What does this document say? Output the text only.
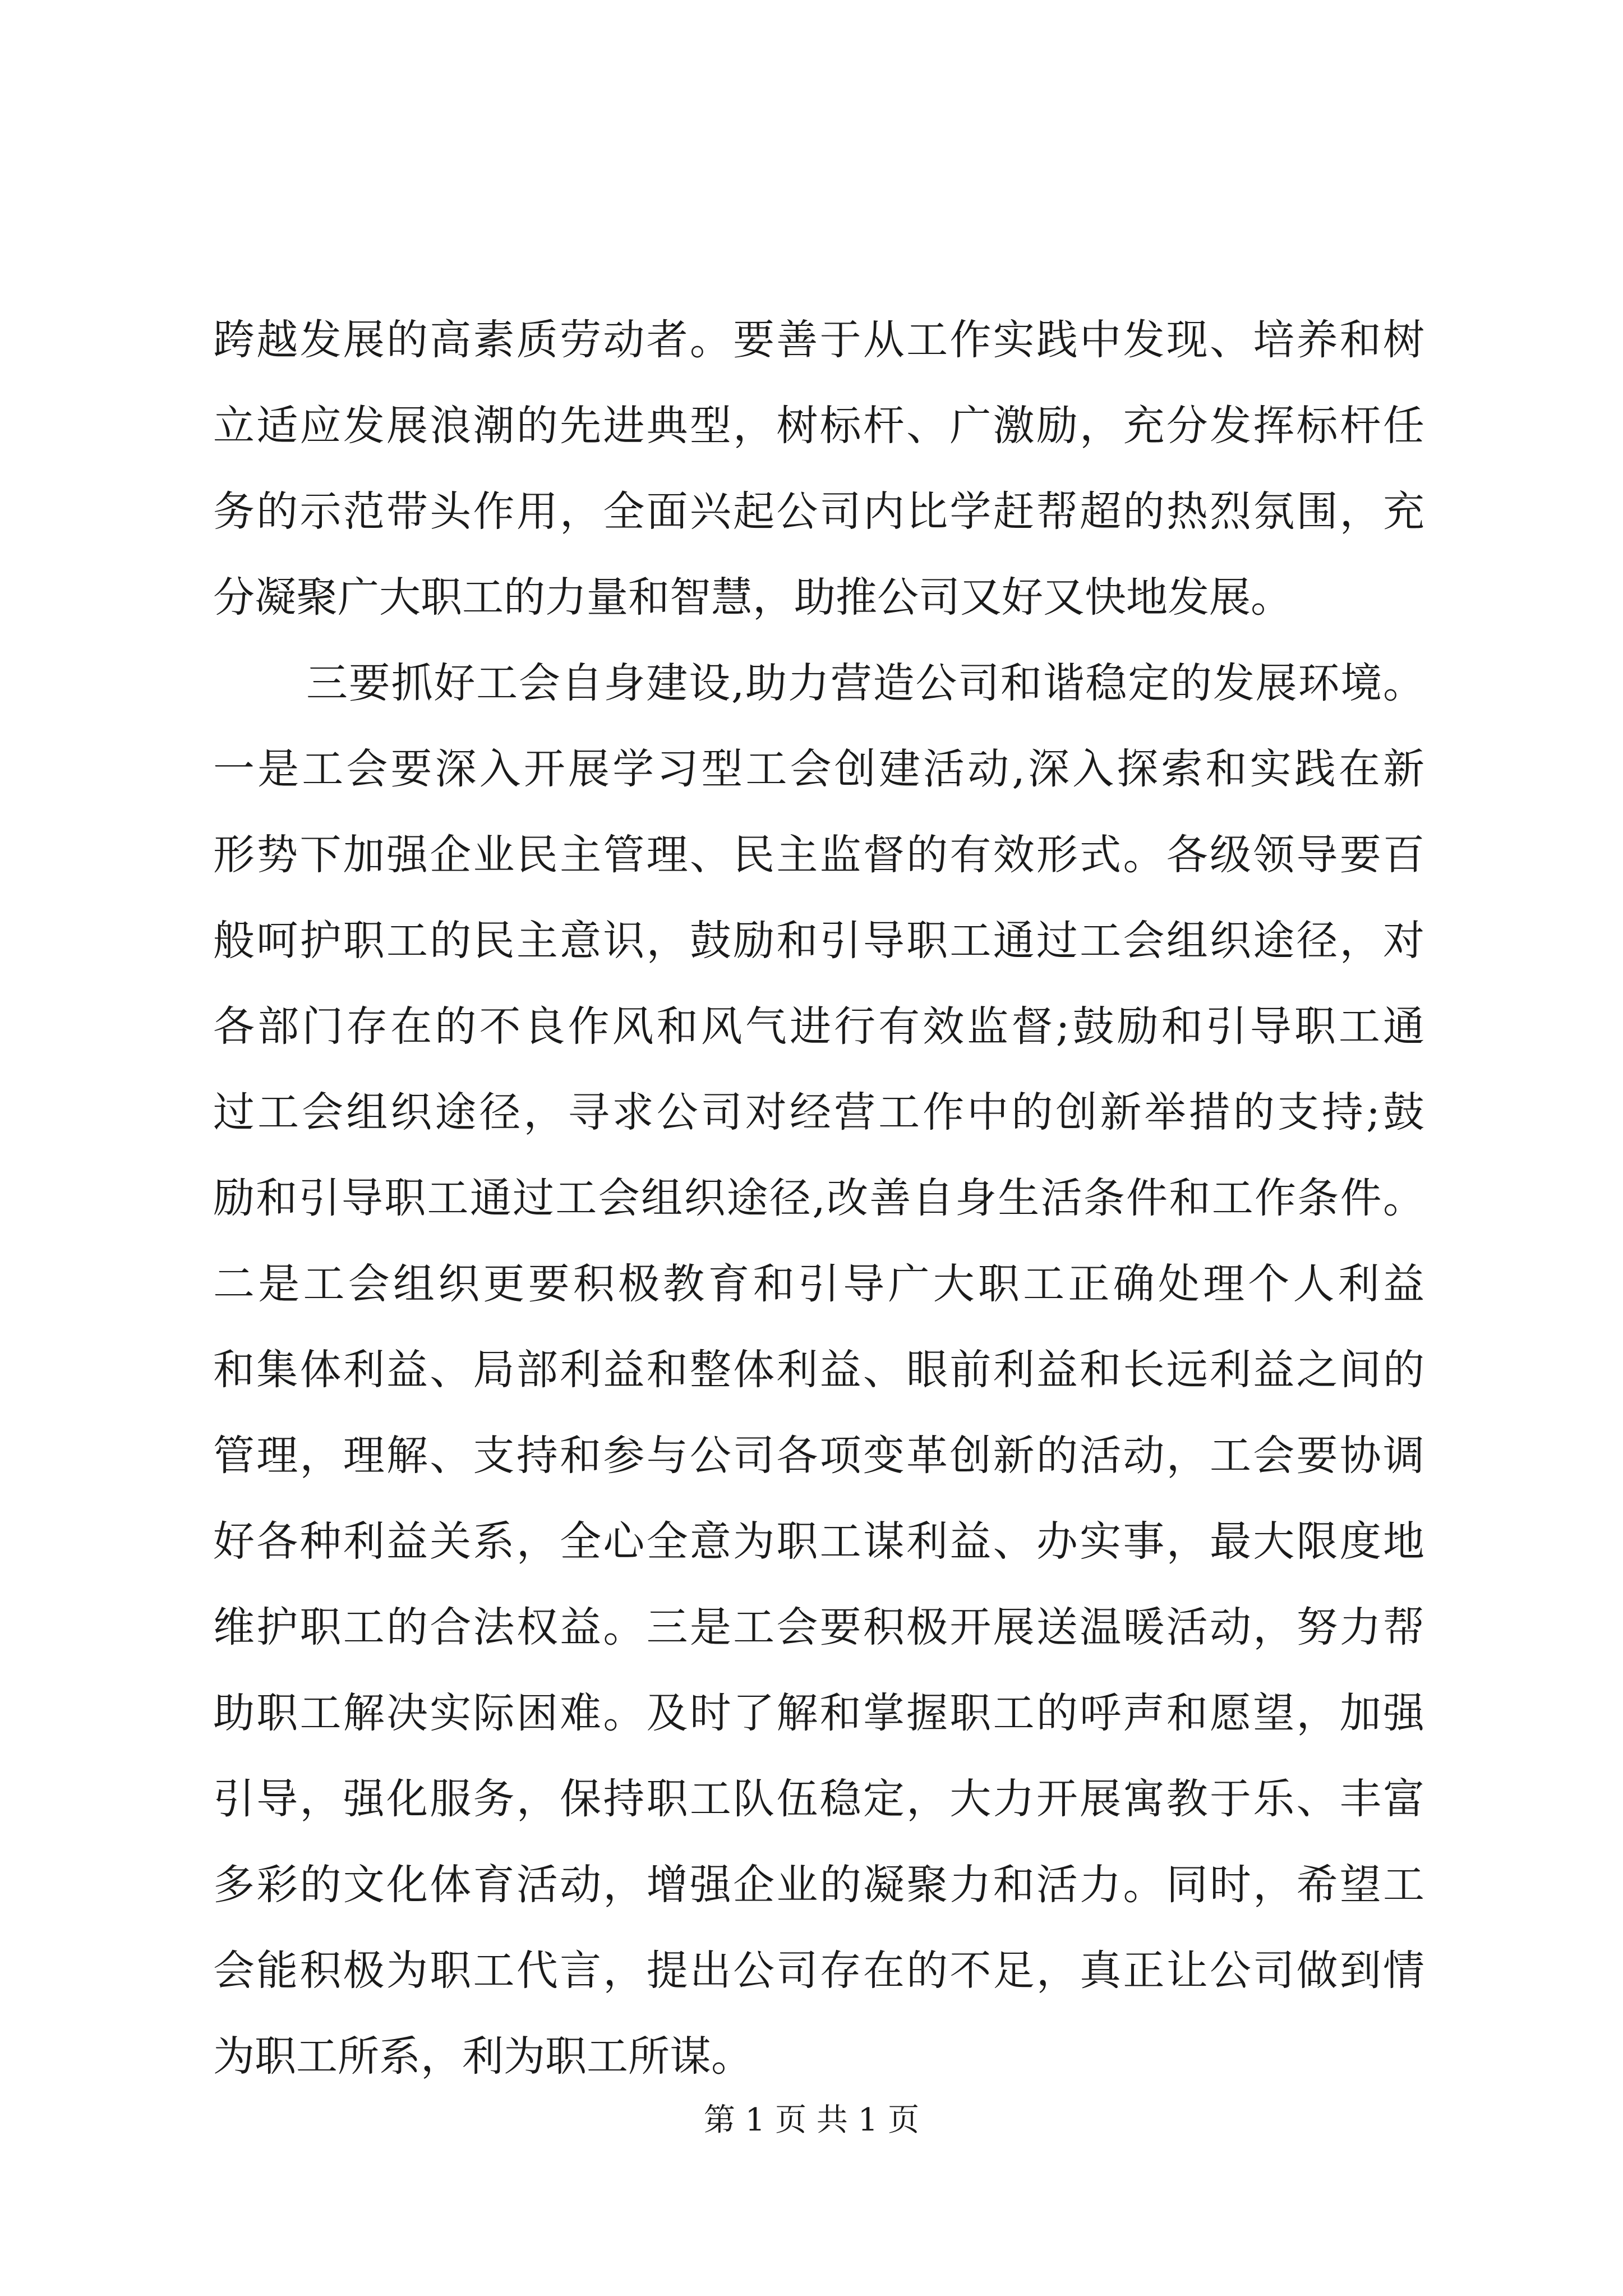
跨越发展的高素质劳动者。要善于从工作实践中发现、培养和树
立适应发展浪潮的先进典型，树标杆、广激励，充分发挥标杆任
务的示范带头作用，全面兴起公司内比学赶帮超的热烈氛围，充
分凝聚广大职工的力量和智慧，助推公司又好又快地发展。
三要抓好工会自身建设,助力营造公司和谐稳定的发展环境。
一是工会要深入开展学习型工会创建活动,深入探索和实践在新
形势下加强企业民主管理、民主监督的有效形式。各级领导要百
般呵护职工的民主意识，鼓励和引导职工通过工会组织途径，对
各部门存在的不良作风和风气进行有效监督;鼓励和引导职工通
过工会组织途径，寻求公司对经营工作中的创新举措的支持;鼓
励和引导职工通过工会组织途径,改善自身生活条件和工作条件。
二是工会组织更要积极教育和引导广大职工正确处理个人利益
和集体利益、局部利益和整体利益、眼前利益和长远利益之间的
管理，理解、支持和参与公司各项变革创新的活动，工会要协调
好各种利益关系，全心全意为职工谋利益、办实事，最大限度地
维护职工的合法权益。三是工会要积极开展送温暖活动，努力帮
助职工解决实际困难。及时了解和掌握职工的呼声和愿望，加强
引导，强化服务，保持职工队伍稳定，大力开展寓教于乐、丰富
多彩的文化体育活动，增强企业的凝聚力和活力。同时，希望工
会能积极为职工代言，提出公司存在的不足，真正让公司做到情
为职工所系，利为职工所谋。
第 1 页 共 1 页
